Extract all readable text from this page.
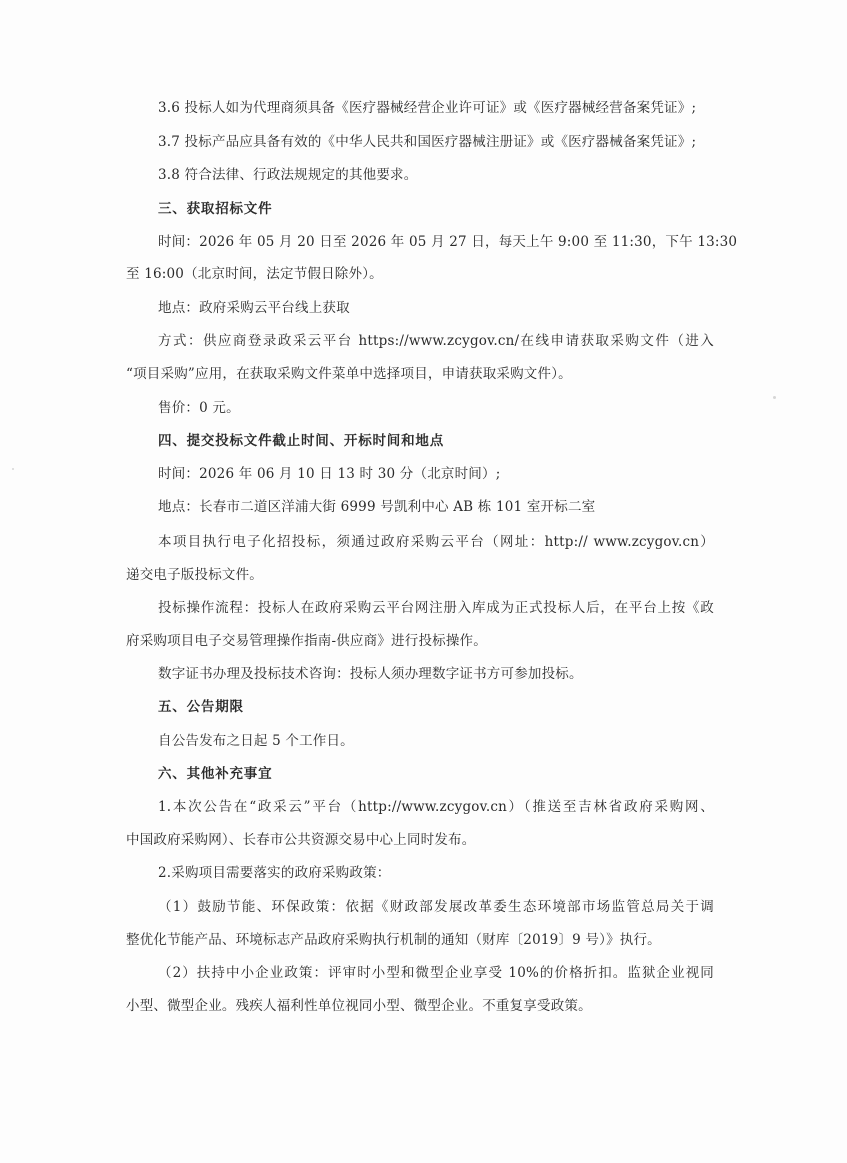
3.6 投标人如为代理商须具备《医疗器械经营企业许可证》或《医疗器械经营备案凭证》;
3.7 投标产品应具备有效的《中华人民共和国医疗器械注册证》或《医疗器械备案凭证》;
3.8 符合法律、行政法规规定的其他要求。
三、获取招标文件
时间：2026 年 05 月 20 日至 2026 年 05 月 27 日，每天上午 9:00 至 11:30，下午 13:30
至 16:00（北京时间，法定节假日除外）。
地点：政府采购云平台线上获取
方式：供应商登录政采云平台 https://www.zcygov.cn/在线申请获取采购文件（进入
“项目采购”应用，在获取采购文件菜单中选择项目，申请获取采购文件）。
售价：0 元。
四、提交投标文件截止时间、开标时间和地点
时间：2026 年 06 月 10 日 13 时 30 分（北京时间）;
地点：长春市二道区洋浦大街 6999 号凯利中心 AB 栋 101 室开标二室
本项目执行电子化招投标，须通过政府采购云平台（网址：http:// www.zcygov.cn）
递交电子版投标文件。
投标操作流程：投标人在政府采购云平台网注册入库成为正式投标人后，在平台上按《政
府采购项目电子交易管理操作指南-供应商》进行投标操作。
数字证书办理及投标技术咨询：投标人须办理数字证书方可参加投标。
五、公告期限
自公告发布之日起 5 个工作日。
六、其他补充事宜
1.本次公告在“政采云”平台（http://www.zcygov.cn）（推送至吉林省政府采购网、
中国政府采购网）、长春市公共资源交易中心上同时发布。
2.采购项目需要落实的政府采购政策：
（1）鼓励节能、环保政策：依据《财政部发展改革委生态环境部市场监管总局关于调
整优化节能产品、环境标志产品政府采购执行机制的通知（财库〔2019〕9 号）》执行。
（2）扶持中小企业政策：评审时小型和微型企业享受 10%的价格折扣。监狱企业视同
小型、微型企业。残疾人福利性单位视同小型、微型企业。不重复享受政策。
